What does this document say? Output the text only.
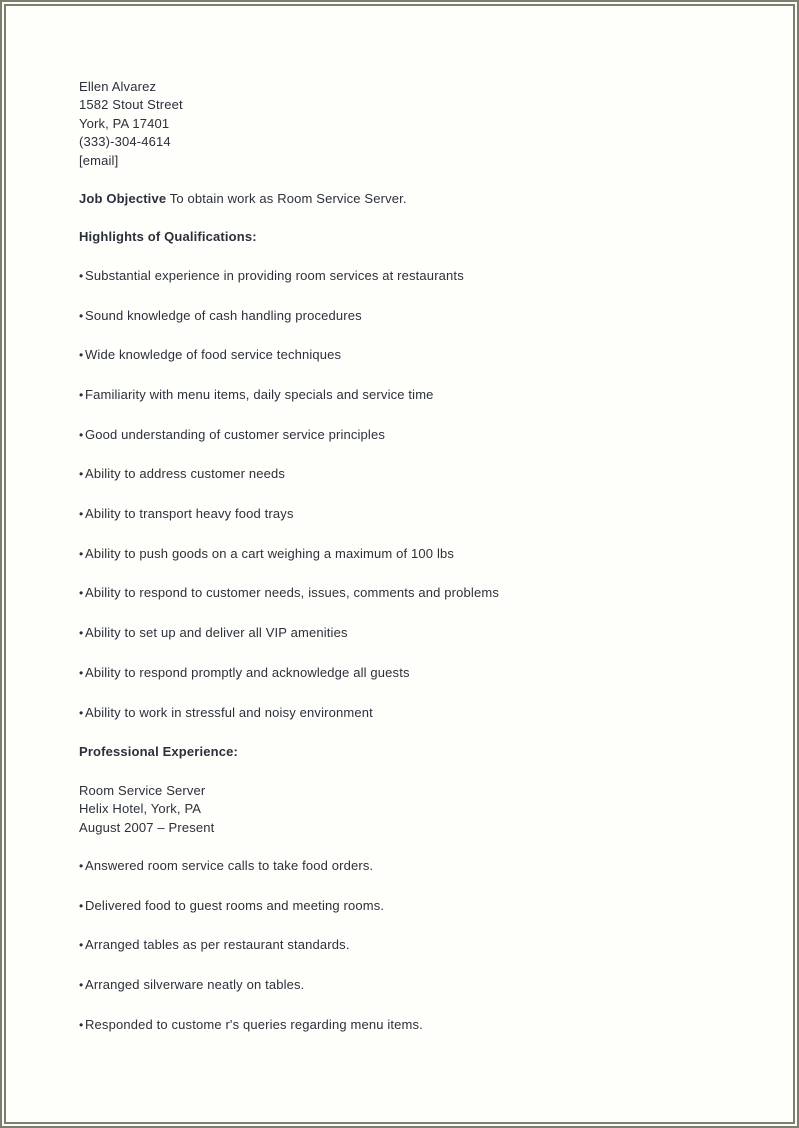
Ellen Alvarez
1582 Stout Street
York, PA 17401
(333)-304-4614
[email]
Job Objective To obtain work as Room Service Server.
Highlights of Qualifications:
• Substantial experience in providing room services at restaurants
• Sound knowledge of cash handling procedures
• Wide knowledge of food service techniques
• Familiarity with menu items, daily specials and service time
• Good understanding of customer service principles
• Ability to address customer needs
• Ability to transport heavy food trays
• Ability to push goods on a cart weighing a maximum of 100 lbs
• Ability to respond to customer needs, issues, comments and problems
• Ability to set up and deliver all VIP amenities
• Ability to respond promptly and acknowledge all guests
• Ability to work in stressful and noisy environment
Professional Experience:
Room Service Server
Helix Hotel, York, PA
August 2007 – Present
• Answered room service calls to take food orders.
• Delivered food to guest rooms and meeting rooms.
• Arranged tables as per restaurant standards.
• Arranged silverware neatly on tables.
• Responded to custome r's queries regarding menu items.
